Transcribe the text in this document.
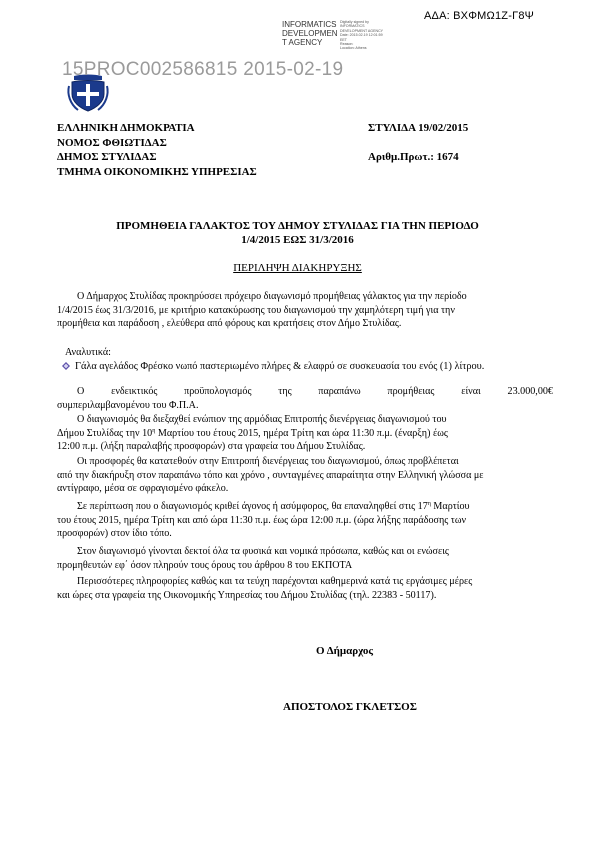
ΑΔΑ: ΒΧΦΜΩ1Ζ-Γ8Ψ
INFORMATICS
DEVELOPMEN
T AGENCY
Digitally signed by
INFORMATICS
DEVELOPMENT AGENCY
Date: 2015.02.19 12:01:59
EET
Reason:
Location: Athens
15PROC002586815 2015-02-19
ΕΛΛΗΝΙΚΗ ΔΗΜΟΚΡΑΤΙΑ
ΝΟΜΟΣ ΦΘΙΩΤΙΔΑΣ
ΔΗΜΟΣ ΣΤΥΛΙΔΑΣ
ΤΜΗΜΑ ΟΙΚΟΝΟΜΙΚΗΣ ΥΠΗΡΕΣΙΑΣ
ΣΤΥΛΙΔΑ 19/02/2015

Αριθμ.Πρωτ.: 1674
ΠΡΟΜΗΘΕΙΑ ΓΑΛΑΚΤΟΣ ΤΟΥ ΔΗΜΟΥ ΣΤΥΛΙΔΑΣ ΓΙΑ ΤΗΝ ΠΕΡΙΟΔΟ
1/4/2015 ΕΩΣ 31/3/2016
ΠΕΡΙΛΗΨΗ ΔΙΑΚΗΡΥΞΗΣ
Ο Δήμαρχος Στυλίδας προκηρύσσει πρόχειρο διαγωνισμό προμήθειας γάλακτος για την περίοδο
1/4/2015 έως 31/3/2016, με κριτήριο κατακύρωσης του διαγωνισμού την χαμηλότερη τιμή για την
προμήθεια και παράδοση , ελεύθερα από φόρους και κρατήσεις στον Δήμο Στυλίδας.
Αναλυτικά:
Γάλα αγελάδος Φρέσκο νωπό παστεριωμένο πλήρες & ελαφρύ σε συσκευασία του ενός (1) λίτρου.
Ο	ενδεικτικός	προϋπολογισμός	της	παραπάνω	προμήθειας	είναι	23.000,00€
συμπεριλαμβανομένου του Φ.Π.Α.
Ο διαγωνισμός θα διεξαχθεί ενώπιον της αρμόδιας Επιτροπής διενέργειας διαγωνισμού του
Δήμου Στυλίδας την $10^\eta$ Μαρτίου του έτους 2015, ημέρα Τρίτη και ώρα 11:30 π.μ. (έναρξη) έως
12:00 π.μ. (λήξη παραλαβής προσφορών) στα γραφεία του Δήμου Στυλίδας.
Οι προσφορές θα κατατεθούν στην Επιτροπή διενέργειας του διαγωνισμού, όπως προβλέπεται
από την διακήρυξη στον παραπάνω τόπο και χρόνο , συνταγμένες απαραίτητα στην Ελληνική γλώσσα με
αντίγραφο, μέσα σε σφραγισμένο φάκελο.
Σε περίπτωση που ο διαγωνισμός κριθεί άγονος ή ασύμφορος, θα επαναληφθεί στις $17^\eta$ Μαρτίου
του έτους 2015, ημέρα Τρίτη και από ώρα 11:30 π.μ. έως ώρα 12:00 π.μ. (ώρα λήξης παράδοσης των
προσφορών) στον ίδιο τόπο.
Στον διαγωνισμό γίνονται δεκτοί όλα τα φυσικά και νομικά πρόσωπα, καθώς και οι ενώσεις
προμηθευτών εφ΄ όσον πληρούν τους όρους του άρθρου 8 του ΕΚΠΟΤΑ
Περισσότερες πληροφορίες καθώς και τα τεύχη παρέχονται καθημερινά κατά τις εργάσιμες μέρες
και ώρες στα γραφεία της Οικονομικής Υπηρεσίας του Δήμου Στυλίδας (τηλ. 22383 - 50117).
Ο Δήμαρχος
ΑΠΟΣΤΟΛΟΣ ΓΚΛΕΤΣΟΣ
